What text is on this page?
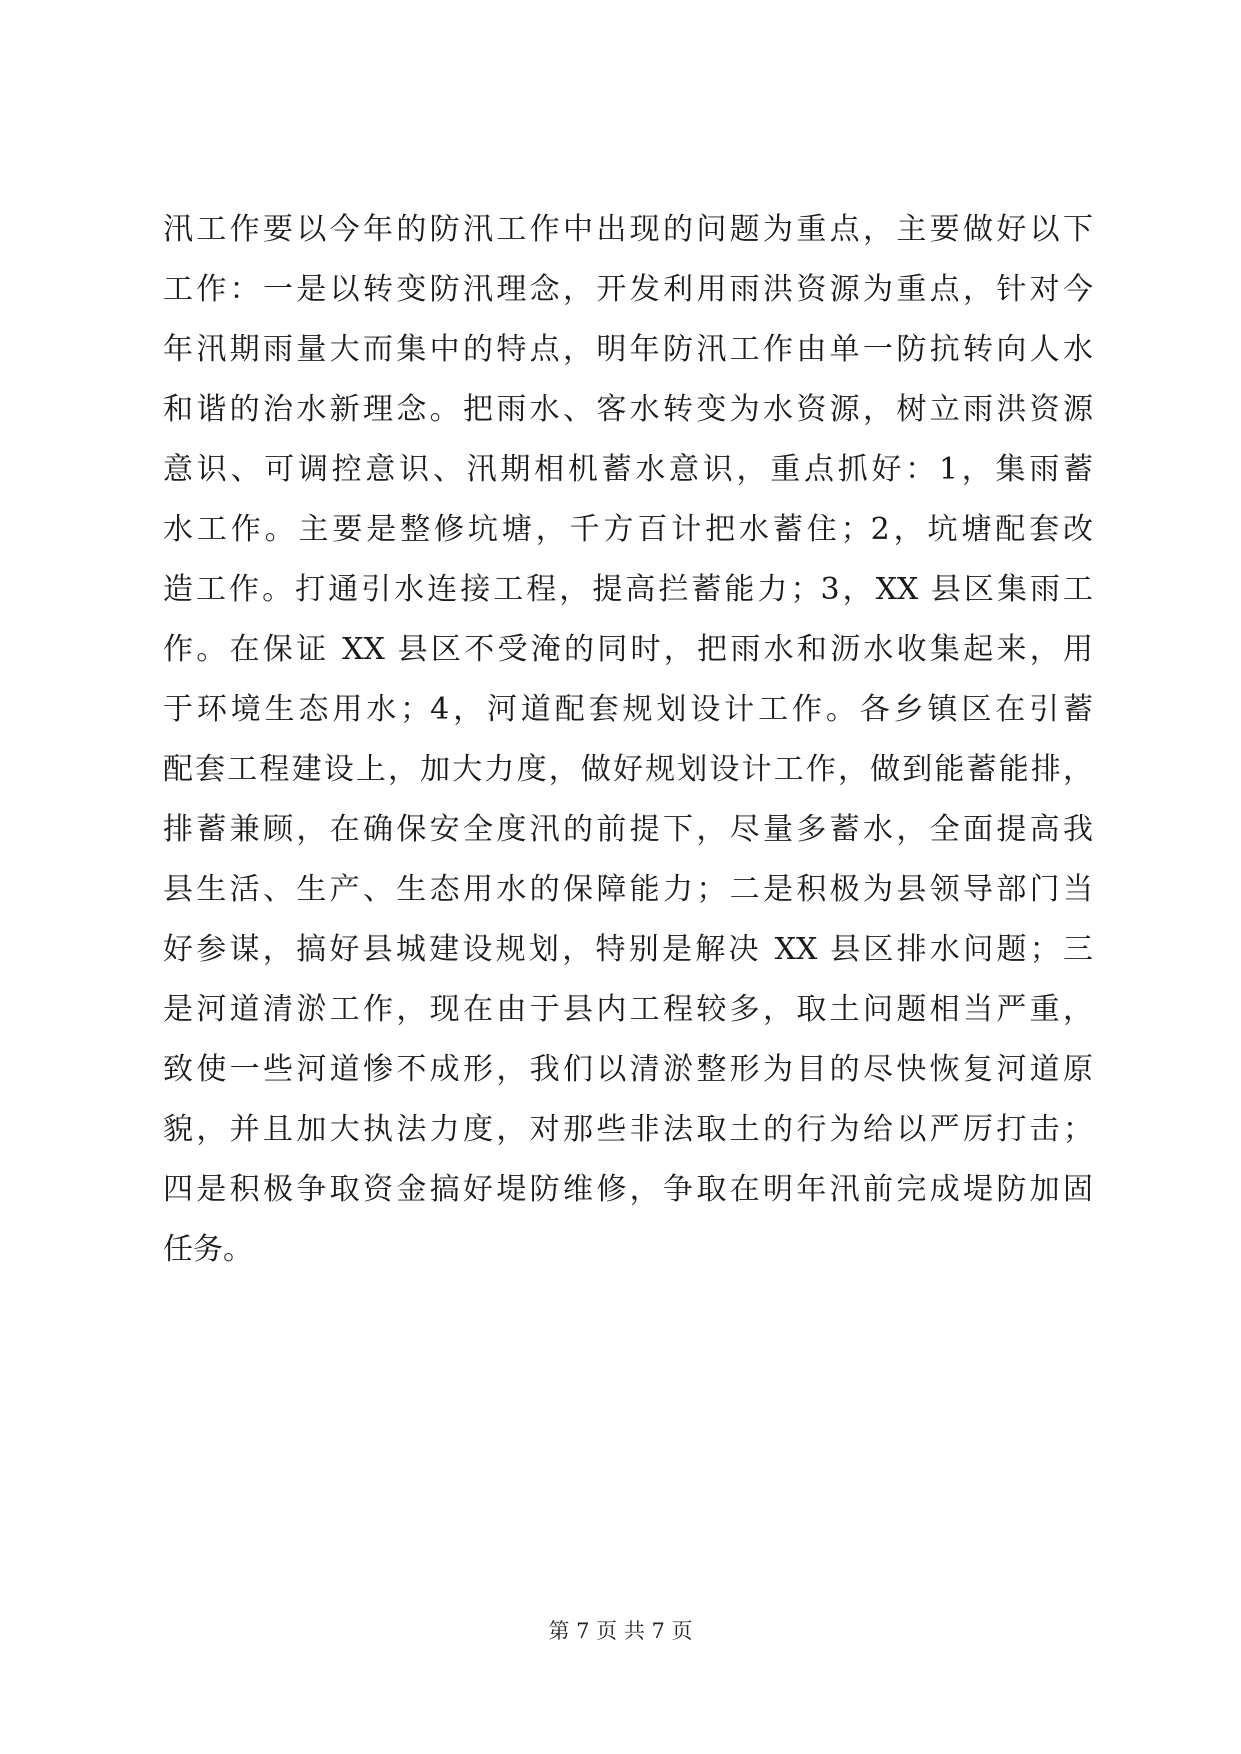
汛工作要以今年的防汛工作中出现的问题为重点，主要做好以下
工作：一是以转变防汛理念，开发利用雨洪资源为重点，针对今
年汛期雨量大而集中的特点，明年防汛工作由单一防抗转向人水
和谐的治水新理念。把雨水、客水转变为水资源，树立雨洪资源
意识、可调控意识、汛期相机蓄水意识，重点抓好：1，集雨蓄
水工作。主要是整修坑塘，千方百计把水蓄住；2，坑塘配套改
造工作。打通引水连接工程，提高拦蓄能力；3，XX 县区集雨工
作。在保证 XX 县区不受淹的同时，把雨水和沥水收集起来，用
于环境生态用水；4，河道配套规划设计工作。各乡镇区在引蓄
配套工程建设上，加大力度，做好规划设计工作，做到能蓄能排，
排蓄兼顾，在确保安全度汛的前提下，尽量多蓄水，全面提高我
县生活、生产、生态用水的保障能力；二是积极为县领导部门当
好参谋，搞好县城建设规划，特别是解决 XX 县区排水问题；三
是河道清淤工作，现在由于县内工程较多，取土问题相当严重，
致使一些河道惨不成形，我们以清淤整形为目的尽快恢复河道原
貌，并且加大执法力度，对那些非法取土的行为给以严厉打击；
四是积极争取资金搞好堤防维修，争取在明年汛前完成堤防加固
任务。
第 7 页 共 7 页
